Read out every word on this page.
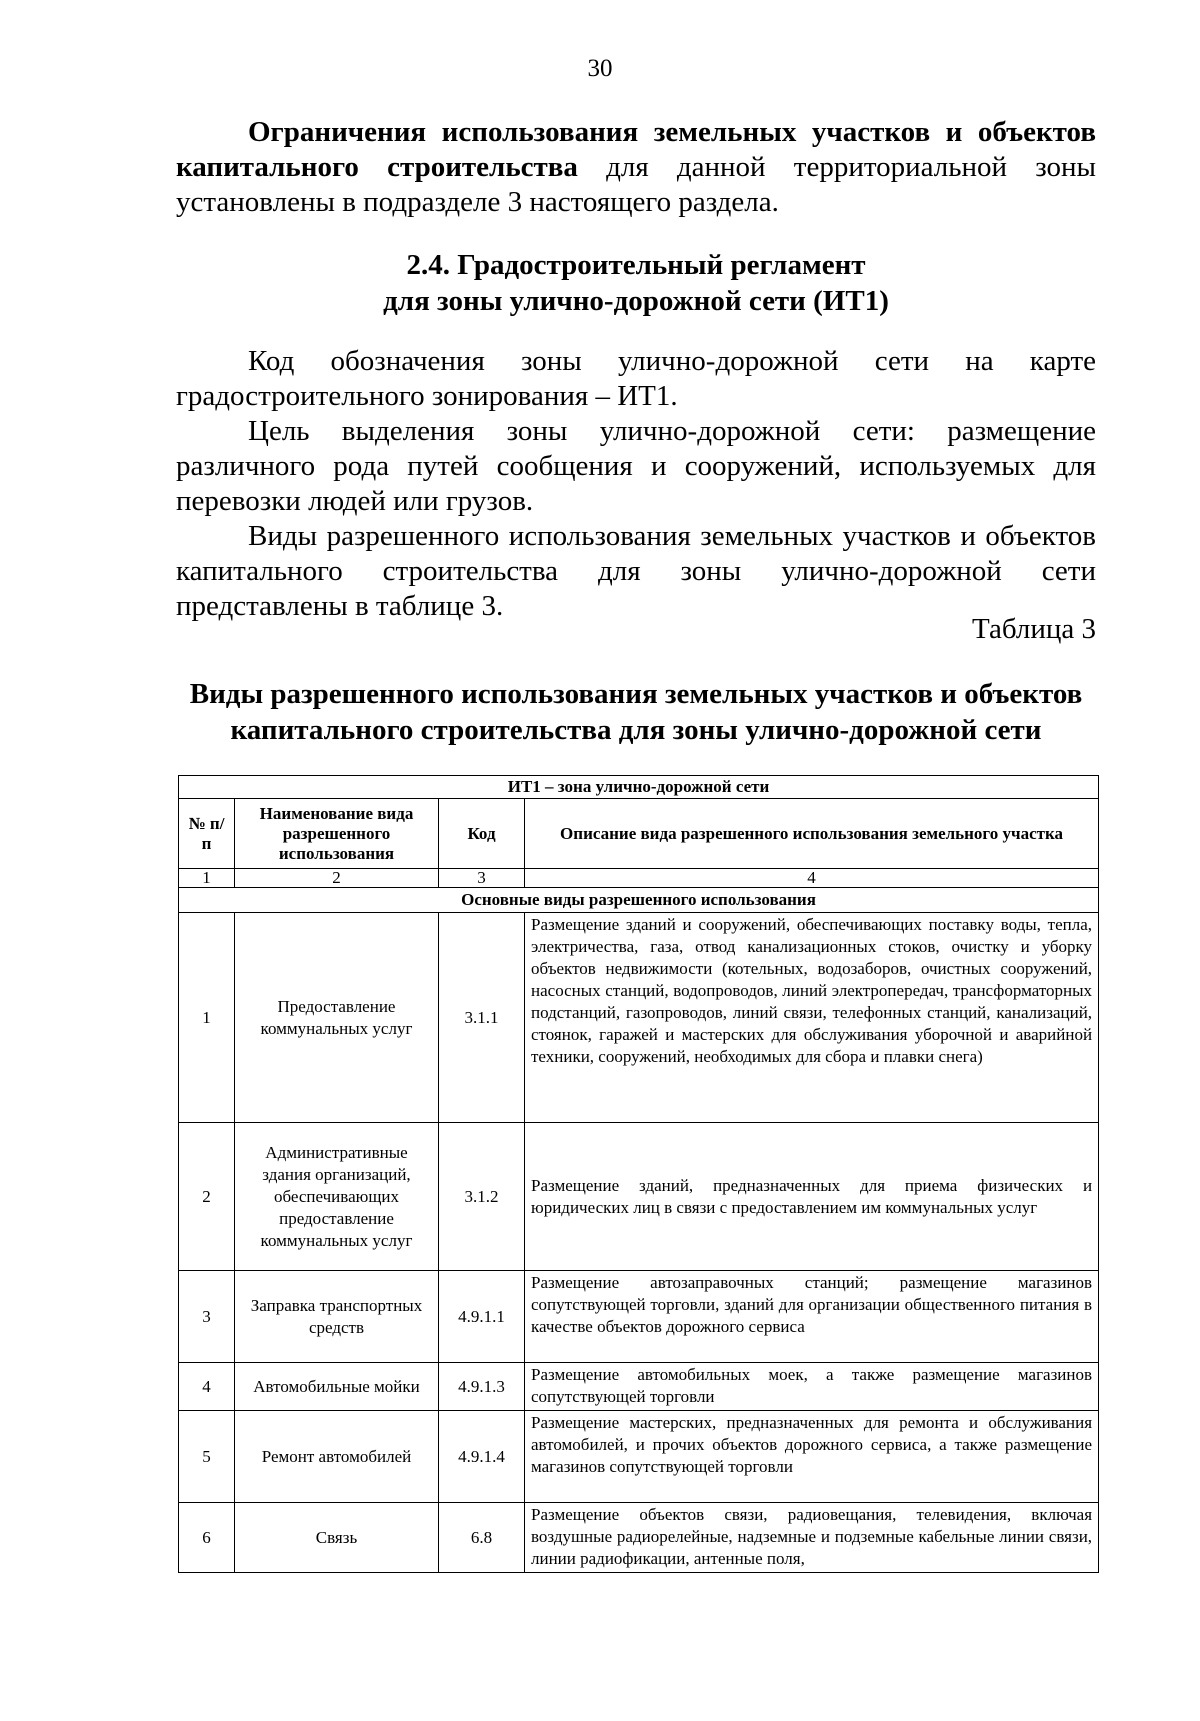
30

Ограничения использования земельных участков и объектов капитального строительства для данной территориальной зоны установлены в подразделе 3 настоящего раздела.

2.4. Градостроительный регламент
для зоны улично-дорожной сети (ИТ1)

Код обозначения зоны улично-дорожной сети на карте градостроительного зонирования – ИТ1.

Цель выделения зоны улично-дорожной сети: размещение различного рода путей сообщения и сооружений, используемых для перевозки людей или грузов.

Виды разрешенного использования земельных участков и объектов капитального строительства для зоны улично-дорожной сети представлены в таблице 3.

Таблица 3
Виды разрешенного использования земельных участков и объектов
капитального строительства для зоны улично-дорожной сети
ИТ1 – зона улично-дорожной сети			
№ п/п	Наименование вида разрешенного использования	Код	Описание вида разрешенного использования земельного участка
1	2	3	4
Основные виды разрешенного использования			
1	Предоставление коммунальных услуг	3.1.1	Размещение зданий и сооружений, обеспечивающих поставку воды, тепла, электричества, газа, отвод канализационных стоков, очистку и уборку объектов недвижимости (котельных, водозаборов, очистных сооружений, насосных станций, водопроводов, линий электропередач, трансформаторных подстанций, газопроводов, линий связи, телефонных станций, канализаций, стоянок, гаражей и мастерских для обслуживания уборочной и аварийной техники, сооружений, необходимых для сбора и плавки снега)
2	Административные здания организаций, обеспечивающих предоставление коммунальных услуг	3.1.2	Размещение зданий, предназначенных для приема физических и юридических лиц в связи с предоставлением им коммунальных услуг
3	Заправка транспортных средств	4.9.1.1	Размещение автозаправочных станций; размещение магазинов сопутствующей торговли, зданий для организации общественного питания в качестве объектов дорожного сервиса
4	Автомобильные мойки	4.9.1.3	Размещение автомобильных моек, а также размещение магазинов сопутствующей торговли
5	Ремонт автомобилей	4.9.1.4	Размещение мастерских, предназначенных для ремонта и обслуживания автомобилей, и прочих объектов дорожного сервиса, а также размещение магазинов сопутствующей торговли
6	Связь	6.8	Размещение объектов связи, радиовещания, телевидения, включая воздушные радиорелейные, надземные и подземные кабельные линии связи, линии радиофикации, антенные поля,
